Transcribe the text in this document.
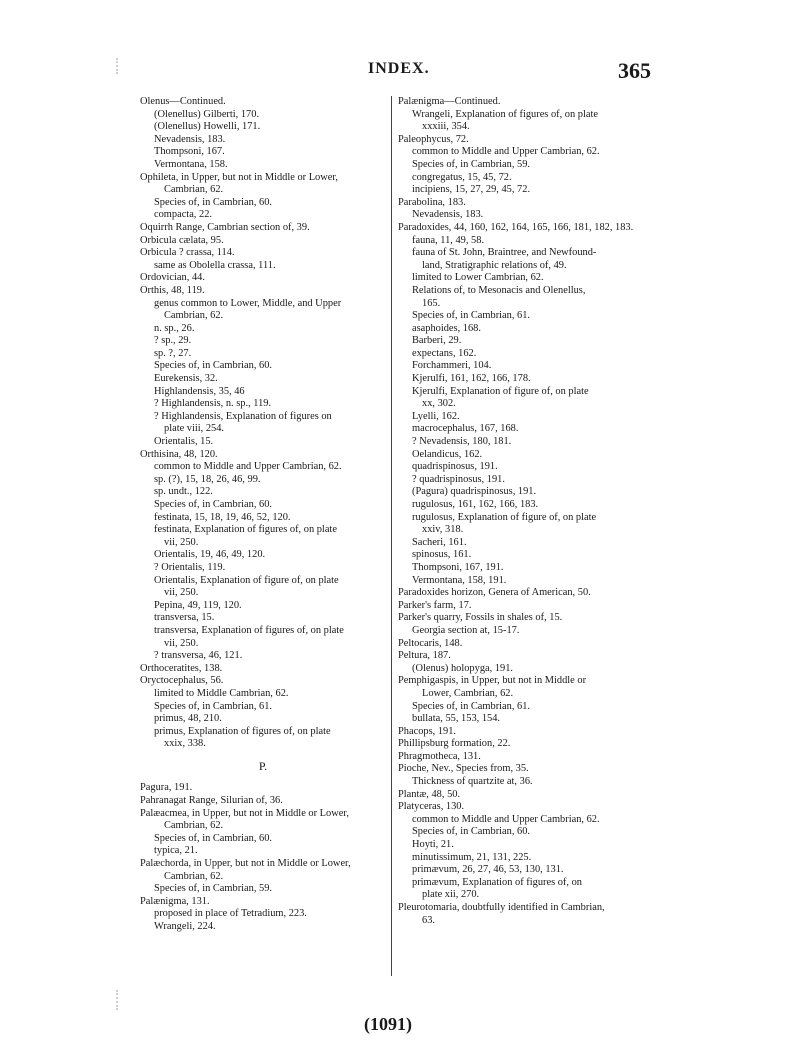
INDEX.	365
Olenus—Continued.
(Olenellus) Gilberti, 170.
(Olenellus) Howelli, 171.
Nevadensis, 183.
Thompsoni, 167.
Vermontana, 158.
Ophileta, in Upper, but not in Middle or Lower,
Cambrian, 62.
Species of, in Cambrian, 60.
compacta, 22.
Oquirrh Range, Cambrian section of, 39.
Orbicula cælata, 95.
Orbicula ? crassa, 114.
same as Obolella crassa, 111.
Ordovician, 44.
Orthis, 48, 119.
genus common to Lower, Middle, and Upper
Cambrian, 62.
n. sp., 26.
? sp., 29.
sp. ?, 27.
Species of, in Cambrian, 60.
Eurekensis, 32.
Highlandensis, 35, 46
? Highlandensis, n. sp., 119.
? Highlandensis, Explanation of figures on
plate viii, 254.
Orientalis, 15.
Orthisina, 48, 120.
common to Middle and Upper Cambrian, 62.
sp. (?), 15, 18, 26, 46, 99.
sp. undt., 122.
Species of, in Cambrian, 60.
festinata, 15, 18, 19, 46, 52, 120.
festinata, Explanation of figures of, on plate
vii, 250.
Orientalis, 19, 46, 49, 120.
? Orientalis, 119.
Orientalis, Explanation of figure of, on plate
vii, 250.
Pepina, 49, 119, 120.
transversa, 15.
transversa, Explanation of figures of, on plate
vii, 250.
? transversa, 46, 121.
Orthoceratites, 138.
Oryctocephalus, 56.
limited to Middle Cambrian, 62.
Species of, in Cambrian, 61.
primus, 48, 210.
primus, Explanation of figures of, on plate
xxix, 338.
P.
Pagura, 191.
Pahranagat Range, Silurian of, 36.
Palæacmea, in Upper, but not in Middle or Lower,
Cambrian, 62.
Species of, in Cambrian, 60.
typica, 21.
Palæchorda, in Upper, but not in Middle or Lower,
Cambrian, 62.
Species of, in Cambrian, 59.
Palænigma, 131.
proposed in place of Tetradium, 223.
Wrangeli, 224.
Palænigma—Continued.
Wrangeli, Explanation of figures of, on plate
xxxiii, 354.
Paleophycus, 72.
common to Middle and Upper Cambrian, 62.
Species of, in Cambrian, 59.
congregatus, 15, 45, 72.
incipiens, 15, 27, 29, 45, 72.
Parabolina, 183.
Nevadensis, 183.
Paradoxides, 44, 160, 162, 164, 165, 166, 181, 182, 183.
fauna, 11, 49, 58.
fauna of St. John, Braintree, and Newfound-
land, Stratigraphic relations of, 49.
limited to Lower Cambrian, 62.
Relations of, to Mesonacis and Olenellus,
165.
Species of, in Cambrian, 61.
asaphoides, 168.
Barberi, 29.
expectans, 162.
Forchammeri, 104.
Kjerulfi, 161, 162, 166, 178.
Kjerulfi, Explanation of figure of, on plate
xx, 302.
Lyelli, 162.
macrocephalus, 167, 168.
? Nevadensis, 180, 181.
Oelandicus, 162.
quadrispinosus, 191.
? quadrispinosus, 191.
(Pagura) quadrispinosus, 191.
rugulosus, 161, 162, 166, 183.
rugulosus, Explanation of figure of, on plate
xxiv, 318.
Sacheri, 161.
spinosus, 161.
Thompsoni, 167, 191.
Vermontana, 158, 191.
Paradoxides horizon, Genera of American, 50.
Parker's farm, 17.
Parker's quarry, Fossils in shales of, 15.
Georgia section at, 15-17.
Peltocaris, 148.
Peltura, 187.
(Olenus) holopyga, 191.
Pemphigaspis, in Upper, but not in Middle or
Lower, Cambrian, 62.
Species of, in Cambrian, 61.
bullata, 55, 153, 154.
Phacops, 191.
Phillipsburg formation, 22.
Phragmotheca, 131.
Pioche, Nev., Species from, 35.
Thickness of quartzite at, 36.
Plantæ, 48, 50.
Platyceras, 130.
common to Middle and Upper Cambrian, 62.
Species of, in Cambrian, 60.
Hoyti, 21.
minutissimum, 21, 131, 225.
primævum, 26, 27, 46, 53, 130, 131.
primævum, Explanation of figures of, on
plate xii, 270.
Pleurotomaria, doubtfully identified in Cambrian,
63.
(1091)
